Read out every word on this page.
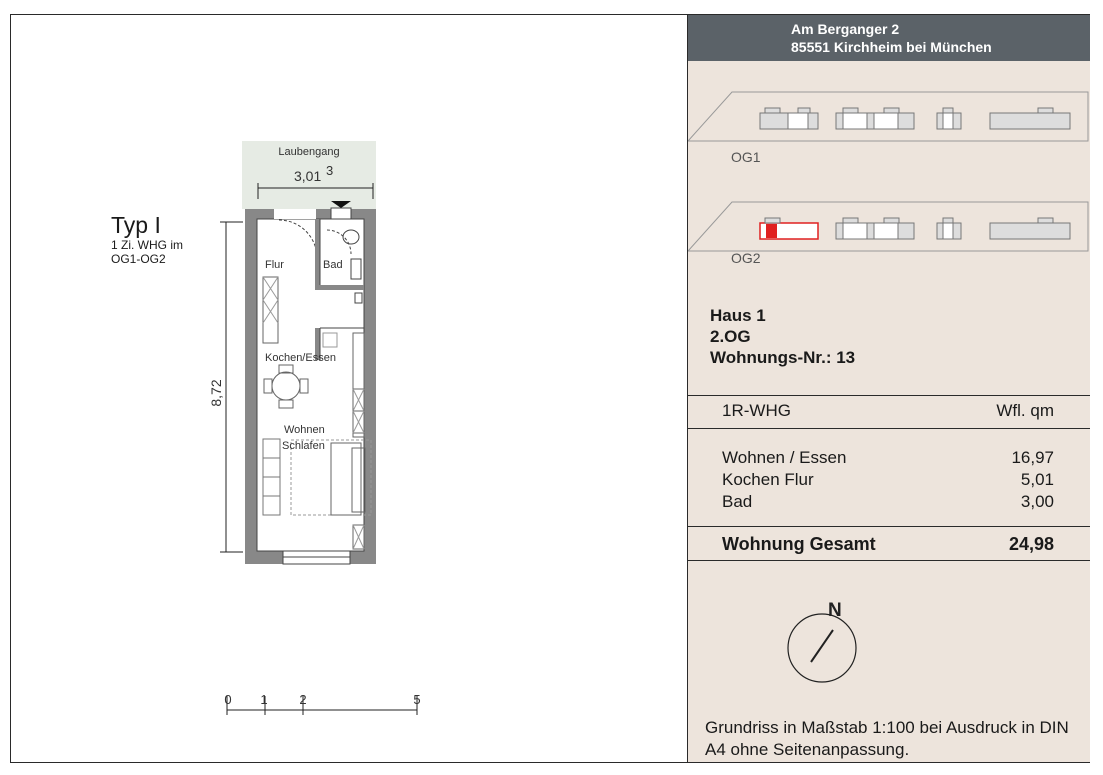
Typ I
1 Zi. WHG im
OG1-OG2
Laubengang
3,01 3
8,72
Flur	Bad
Kochen/Essen
Wohnen
Schlafen
0 1 2	5
Am Berganger 2
85551 Kirchheim bei München
OG1
OG2
Haus 1
2.OG
Wohnungs-Nr.: 13
1R-WHG	Wfl. qm
Wohnen / Essen	16,97
Kochen Flur	5,01
Bad	3,00
Wohnung Gesamt	24,98
N
Grundriss in Maßstab 1:100 bei Ausdruck in DIN A4 ohne Seitenanpassung.
